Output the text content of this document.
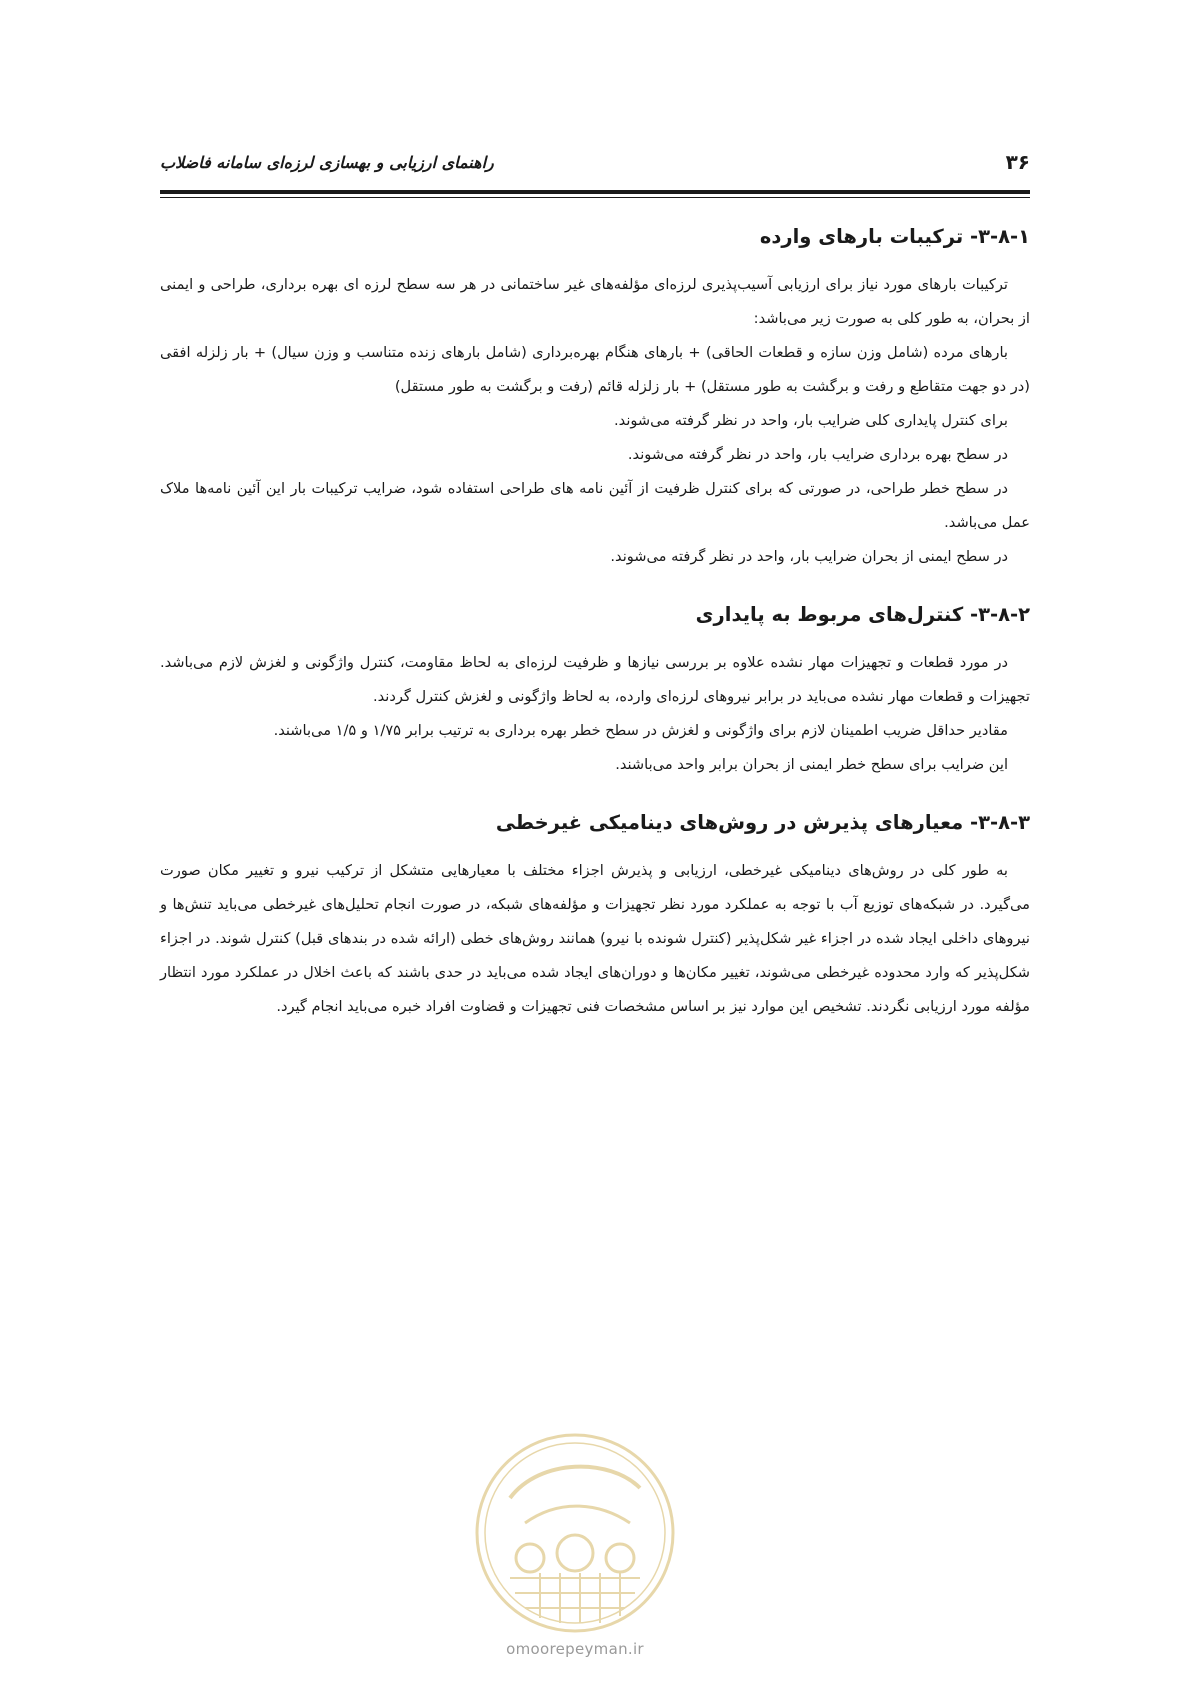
۳۶
راهنمای ارزیابی و بهسازی لرزه‌ای سامانه فاضلاب
۳-۸-۱- ترکیبات بارهای وارده

ترکیبات بارهای مورد نیاز برای ارزیابی آسیب‌پذیری لرزه‌ای مؤلفه‌های غیر ساختمانی در هر سه سطح لرزه ای بهره برداری، طراحی و ایمنی از بحران، به طور کلی به صورت زیر می‌باشد:

بارهای مرده (شامل وزن سازه و قطعات الحاقی) + بارهای هنگام بهره‌برداری (شامل بارهای زنده متناسب و وزن سیال) + بار زلزله افقی (در دو جهت متقاطع و رفت و برگشت به طور مستقل) + بار زلزله قائم (رفت و برگشت به طور مستقل)

برای کنترل پایداری کلی ضرایب بار، واحد در نظر گرفته می‌شوند.

در سطح بهره برداری ضرایب بار، واحد در نظر گرفته می‌شوند.

در سطح خطر طراحی، در صورتی که برای کنترل ظرفیت از آئین نامه های طراحی استفاده شود، ضرایب ترکیبات بار این آئین نامه‌ها ملاک عمل می‌باشد.

در سطح ایمنی از بحران ضرایب بار، واحد در نظر گرفته می‌شوند.

۳-۸-۲- کنترل‌های مربوط به پایداری

در مورد قطعات و تجهیزات مهار نشده علاوه بر بررسی نیازها و ظرفیت لرزه‌ای به لحاظ مقاومت، کنترل واژگونی و لغزش لازم می‌باشد. تجهیزات و قطعات مهار نشده می‌باید در برابر نیروهای لرزه‌ای وارده، به لحاظ واژگونی و لغزش کنترل گردند.

مقادیر حداقل ضریب اطمینان لازم برای واژگونی و لغزش در سطح خطر بهره برداری به ترتیب برابر ۱/۷۵ و ۱/۵ می‌باشند.

این ضرایب برای سطح خطر ایمنی از بحران برابر واحد می‌باشند.

۳-۸-۳- معیارهای پذیرش در روش‌های دینامیکی غیرخطی

به طور کلی در روش‌های دینامیکی غیرخطی، ارزیابی و پذیرش اجزاء مختلف با معیارهایی متشکل از ترکیب نیرو و تغییر مکان صورت می‌گیرد. در شبکه‌های توزیع آب با توجه به عملکرد مورد نظر تجهیزات و مؤلفه‌های شبکه، در صورت انجام تحلیل‌های غیرخطی می‌باید تنش‌ها و نیروهای داخلی ایجاد شده در اجزاء غیر شکل‌پذیر (کنترل شونده با نیرو) همانند روش‌های خطی (ارائه شده در بندهای قبل) کنترل شوند. در اجزاء شکل‌پذیر که وارد محدوده غیرخطی می‌شوند، تغییر مکان‌ها و دوران‌های ایجاد شده می‌باید در حدی باشند که باعث اخلال در عملکرد مورد انتظار مؤلفه مورد ارزیابی نگردند. تشخیص این موارد نیز بر اساس مشخصات فنی تجهیزات و قضاوت افراد خبره می‌باید انجام گیرد.

omoorepeyman.ir
